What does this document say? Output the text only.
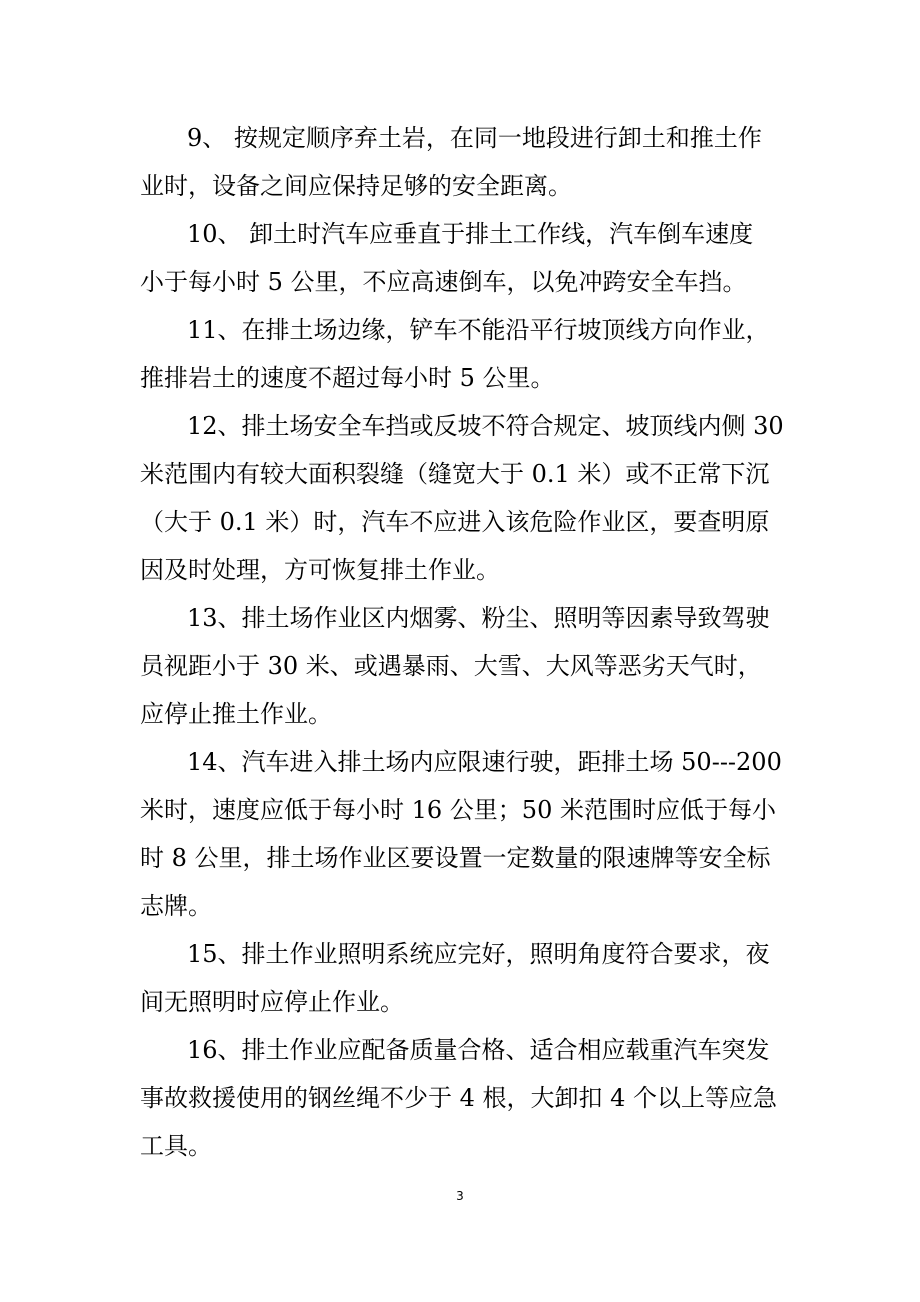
9、 按规定顺序弃土岩，在同一地段进行卸土和推土作
业时，设备之间应保持足够的安全距离。
10、 卸土时汽车应垂直于排土工作线，汽车倒车速度
小于每小时 5 公里，不应高速倒车，以免冲跨安全车挡。
11、在排土场边缘，铲车不能沿平行坡顶线方向作业，
推排岩土的速度不超过每小时 5 公里。
12、排土场安全车挡或反坡不符合规定、坡顶线内侧 30
米范围内有较大面积裂缝（缝宽大于 0.1 米）或不正常下沉
（大于 0.1 米）时，汽车不应进入该危险作业区，要查明原
因及时处理，方可恢复排土作业。
13、排土场作业区内烟雾、粉尘、照明等因素导致驾驶
员视距小于 30 米、或遇暴雨、大雪、大风等恶劣天气时，
应停止推土作业。
14、汽车进入排土场内应限速行驶，距排土场 50---200
米时，速度应低于每小时 16 公里；50 米范围时应低于每小
时 8 公里，排土场作业区要设置一定数量的限速牌等安全标
志牌。
15、排土作业照明系统应完好，照明角度符合要求，夜
间无照明时应停止作业。
16、排土作业应配备质量合格、适合相应载重汽车突发
事故救援使用的钢丝绳不少于 4 根，大卸扣 4 个以上等应急
工具。
3
